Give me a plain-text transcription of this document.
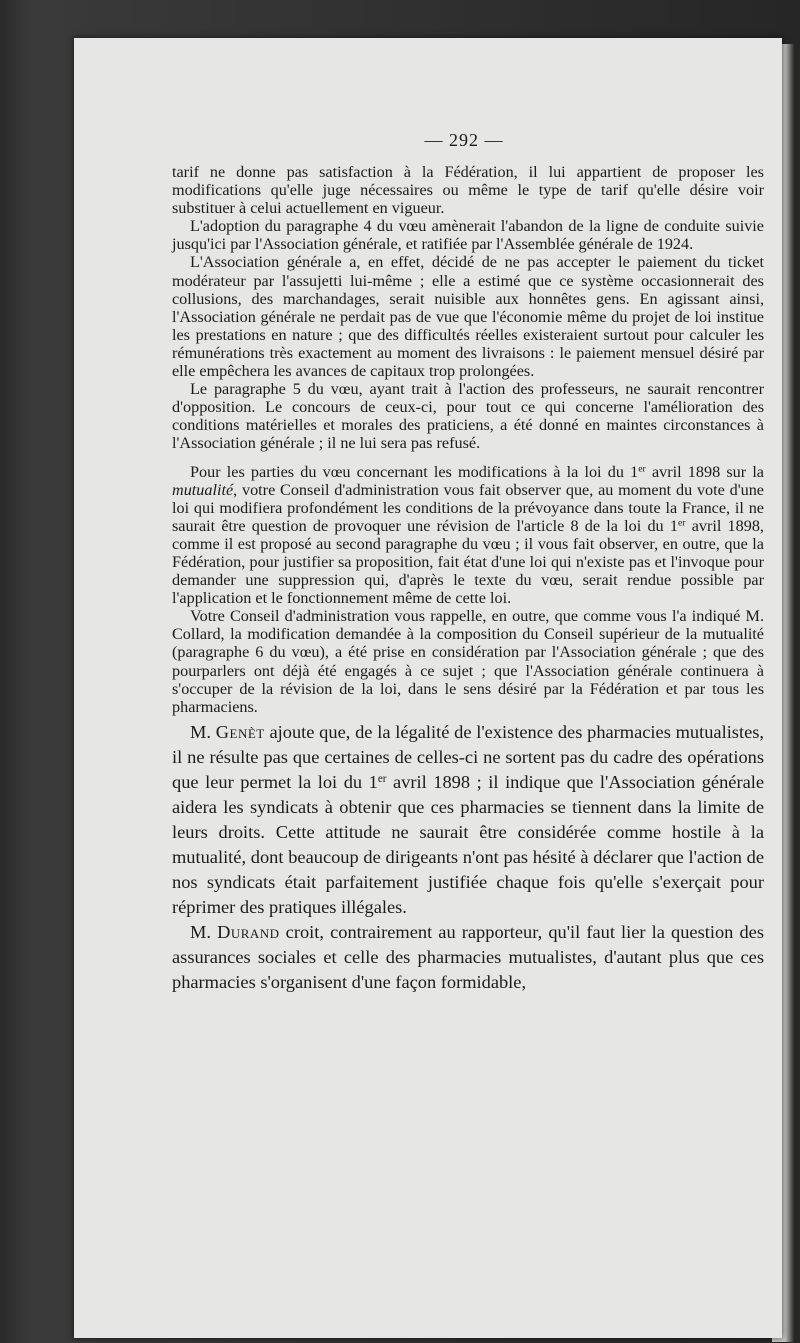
— 292 —

tarif ne donne pas satisfaction à la Fédération, il lui appartient de proposer les modifications qu'elle juge nécessaires ou même le type de tarif qu'elle désire voir substituer à celui actuellement en vigueur.

L'adoption du paragraphe 4 du vœu amènerait l'abandon de la ligne de conduite suivie jusqu'ici par l'Association générale, et ratifiée par l'Assemblée générale de 1924.

L'Association générale a, en effet, décidé de ne pas accepter le paiement du ticket modérateur par l'assujetti lui-même ; elle a estimé que ce système occasionnerait des collusions, des marchandages, serait nuisible aux honnêtes gens. En agissant ainsi, l'Association générale ne perdait pas de vue que l'économie même du projet de loi institue les prestations en nature ; que des difficultés réelles existeraient surtout pour calculer les rémunérations très exactement au moment des livraisons : le paiement mensuel désiré par elle empêchera les avances de capitaux trop prolongées.

Le paragraphe 5 du vœu, ayant trait à l'action des professeurs, ne saurait rencontrer d'opposition. Le concours de ceux-ci, pour tout ce qui concerne l'amélioration des conditions matérielles et morales des praticiens, a été donné en maintes circonstances à l'Association générale ; il ne lui sera pas refusé.

Pour les parties du vœu concernant les modifications à la loi du 1er avril 1898 sur la mutualité, votre Conseil d'administration vous fait observer que, au moment du vote d'une loi qui modifiera profondément les conditions de la prévoyance dans toute la France, il ne saurait être question de provoquer une révision de l'article 8 de la loi du 1er avril 1898, comme il est proposé au second paragraphe du vœu ; il vous fait observer, en outre, que la Fédération, pour justifier sa proposition, fait état d'une loi qui n'existe pas et l'invoque pour demander une suppression qui, d'après le texte du vœu, serait rendue possible par l'application et le fonctionnement même de cette loi.

Votre Conseil d'administration vous rappelle, en outre, que comme vous l'a indiqué M. Collard, la modification demandée à la composition du Conseil supérieur de la mutualité (paragraphe 6 du vœu), a été prise en considération par l'Association générale ; que des pourparlers ont déjà été engagés à ce sujet ; que l'Association générale continuera à s'occuper de la révision de la loi, dans le sens désiré par la Fédération et par tous les pharmaciens.

M. Genèt ajoute que, de la légalité de l'existence des pharmacies mutualistes, il ne résulte pas que certaines de celles-ci ne sortent pas du cadre des opérations que leur permet la loi du 1er avril 1898 ; il indique que l'Association générale aidera les syndicats à obtenir que ces pharmacies se tiennent dans la limite de leurs droits. Cette attitude ne saurait être considérée comme hostile à la mutualité, dont beaucoup de dirigeants n'ont pas hésité à déclarer que l'action de nos syndicats était parfaitement justifiée chaque fois qu'elle s'exerçait pour réprimer des pratiques illégales.

M. Durand croit, contrairement au rapporteur, qu'il faut lier la question des assurances sociales et celle des pharmacies mutualistes, d'autant plus que ces pharmacies s'organisent d'une façon formidable,
